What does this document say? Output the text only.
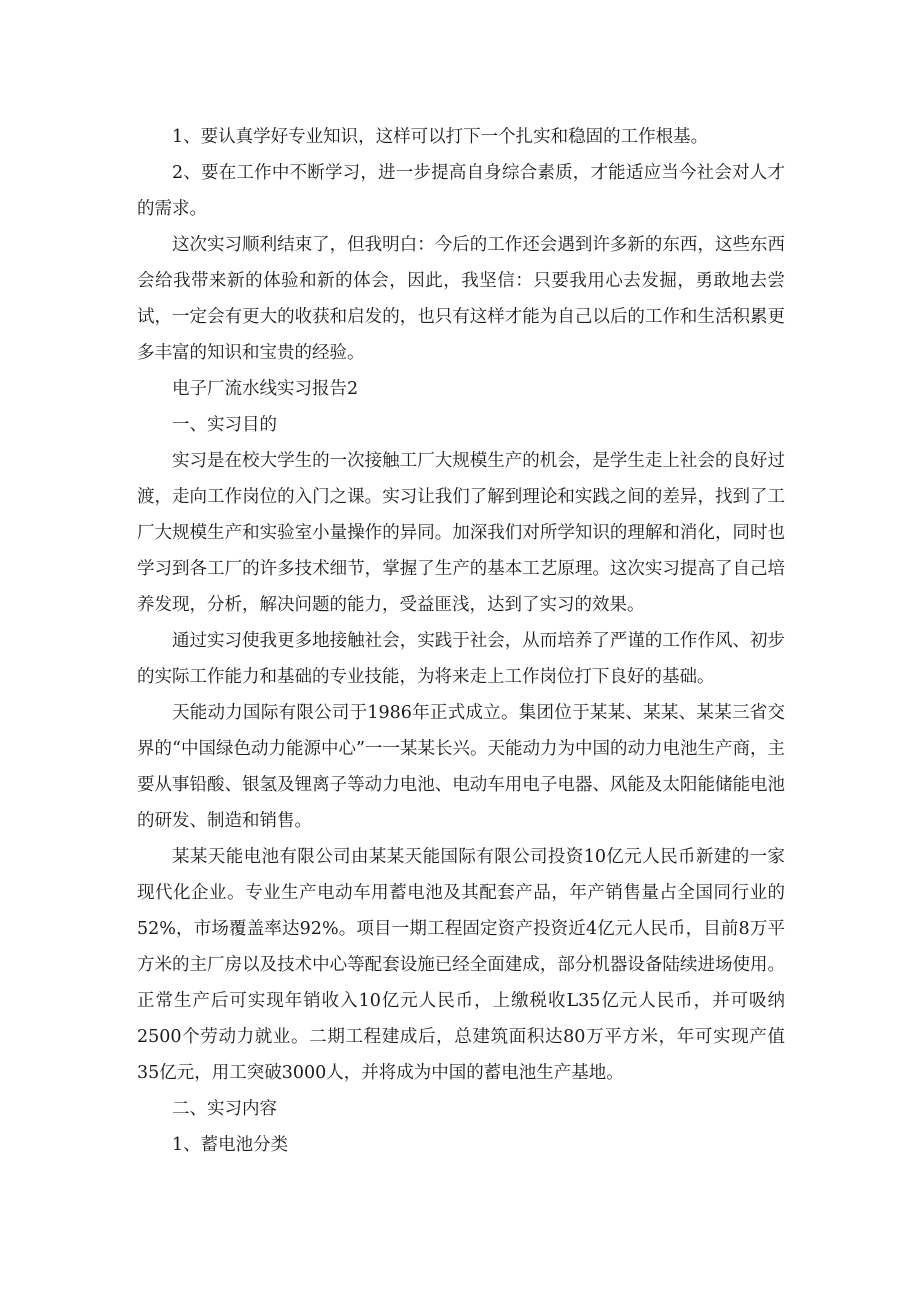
1、要认真学好专业知识，这样可以打下一个扎实和稳固的工作根基。

2、要在工作中不断学习，进一步提高自身综合素质，才能适应当今社会对人才的需求。

这次实习顺利结束了，但我明白：今后的工作还会遇到许多新的东西，这些东西会给我带来新的体验和新的体会，因此，我坚信：只要我用心去发掘，勇敢地去尝试，一定会有更大的收获和启发的，也只有这样才能为自己以后的工作和生活积累更多丰富的知识和宝贵的经验。

电子厂流水线实习报告2

一、实习目的

实习是在校大学生的一次接触工厂大规模生产的机会，是学生走上社会的良好过渡，走向工作岗位的入门之课。实习让我们了解到理论和实践之间的差异，找到了工厂大规模生产和实验室小量操作的异同。加深我们对所学知识的理解和消化，同时也学习到各工厂的许多技术细节，掌握了生产的基本工艺原理。这次实习提高了自己培养发现，分析，解决问题的能力，受益匪浅，达到了实习的效果。

通过实习使我更多地接触社会，实践于社会，从而培养了严谨的工作作风、初步的实际工作能力和基础的专业技能，为将来走上工作岗位打下良好的基础。

天能动力国际有限公司于1986年正式成立。集团位于某某、某某、某某三省交界的“中国绿色动力能源中心”一一某某长兴。天能动力为中国的动力电池生产商，主要从事铅酸、银氢及锂离子等动力电池、电动车用电子电器、风能及太阳能储能电池的研发、制造和销售。

某某天能电池有限公司由某某天能国际有限公司投资10亿元人民币新建的一家现代化企业。专业生产电动车用蓄电池及其配套产品，年产销售量占全国同行业的52%，市场覆盖率达92%。项目一期工程固定资产投资近4亿元人民币，目前8万平方米的主厂房以及技术中心等配套设施已经全面建成，部分机器设备陆续进场使用。正常生产后可实现年销收入10亿元人民币，上缴税收L35亿元人民币，并可吸纳2500个劳动力就业。二期工程建成后，总建筑面积达80万平方米，年可实现产值35亿元，用工突破3000人，并将成为中国的蓄电池生产基地。

二、实习内容

1、蓄电池分类
